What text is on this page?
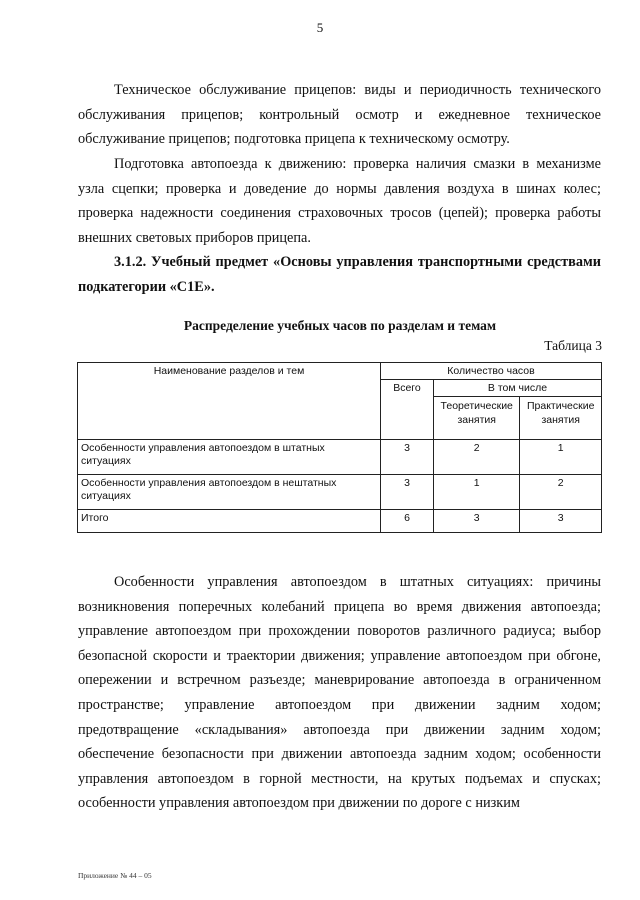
5

Техническое обслуживание прицепов: виды и периодичность технического обслуживания прицепов; контрольный осмотр и ежедневное техническое обслуживание прицепов; подготовка прицепа к техническому осмотру.

Подготовка автопоезда к движению: проверка наличия смазки в механизме узла сцепки; проверка и доведение до нормы давления воздуха в шинах колес; проверка надежности соединения страховочных тросов (цепей); проверка работы внешних световых приборов прицепа.

3.1.2. Учебный предмет «Основы управления транспортными средствами подкатегории «C1E».

Распределение учебных часов по разделам и темам
Таблица 3
Наименование разделов и тем	Количество часов		
	Всего	В том числе	
		Теоретические занятия	Практические занятия
Особенности управления автопоездом в штатных ситуациях	3	2	1
Особенности управления автопоездом в нештатных ситуациях	3	1	2
Итого	6	3	3

Особенности управления автопоездом в штатных ситуациях: причины возникновения поперечных колебаний прицепа во время движения автопоезда; управление автопоездом при прохождении поворотов различного радиуса; выбор безопасной скорости и траектории движения; управление автопоездом при обгоне, опережении и встречном разъезде; маневрирование автопоезда в ограниченном пространстве; управление автопоездом при движении задним ходом; предотвращение «складывания» автопоезда при движении задним ходом; обеспечение безопасности при движении автопоезда задним ходом; особенности управления автопоездом в горной местности, на крутых подъемах и спусках; особенности управления автопоездом при движении по дороге с низким

Приложение № 44 – 05
